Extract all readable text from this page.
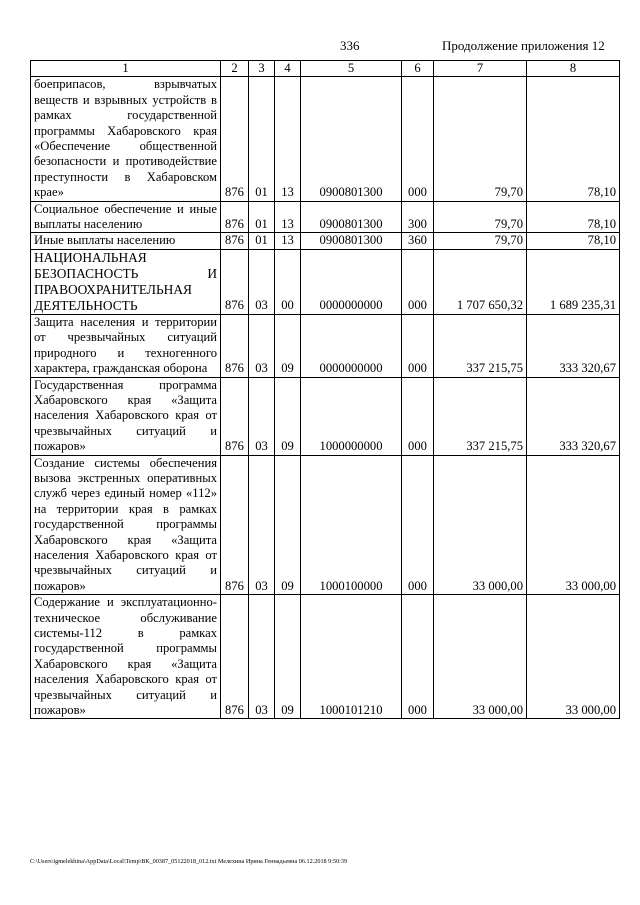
336	Продолжение приложения 12
1	2	3	4	5	6	7	8
боеприпасов, взрывчатых веществ и взрывных устройств в рамках государственной программы Хабаровского края «Обеспечение общественной безопасности и противодействие преступности в Хабаровском крае»	876	01	13	0900801300	000	79,70	78,10
Социальное обеспечение и иные выплаты населению	876	01	13	0900801300	300	79,70	78,10
Иные выплаты населению	876	01	13	0900801300	360	79,70	78,10
НАЦИОНАЛЬНАЯ БЕЗОПАСНОСТЬ И ПРАВООХРАНИТЕЛЬНАЯ ДЕЯТЕЛЬНОСТЬ	876	03	00	0000000000	000	1 707 650,32	1 689 235,31
Защита населения и территории от чрезвычайных ситуаций природного и техногенного характера, гражданская оборона	876	03	09	0000000000	000	337 215,75	333 320,67
Государственная программа Хабаровского края «Защита населения Хабаровского края от чрезвычайных ситуаций и пожаров»	876	03	09	1000000000	000	337 215,75	333 320,67
Создание системы обеспечения вызова экстренных оперативных служб через единый номер «112» на территории края в рамках государственной программы Хабаровского края «Защита населения Хабаровского края от чрезвычайных ситуаций и пожаров»	876	03	09	1000100000	000	33 000,00	33 000,00
Содержание и эксплуатационно-техническое обслуживание системы-112 в рамках государственной программы Хабаровского края «Защита населения Хабаровского края от чрезвычайных ситуаций и пожаров»	876	03	09	1000101210	000	33 000,00	33 000,00
C:\Users\igmelekhina\AppData\Local\Temp\ВК_00387_05122018_012.txt Мелехина Ирина Геннадьевна 06.12.2018 9:50:39
